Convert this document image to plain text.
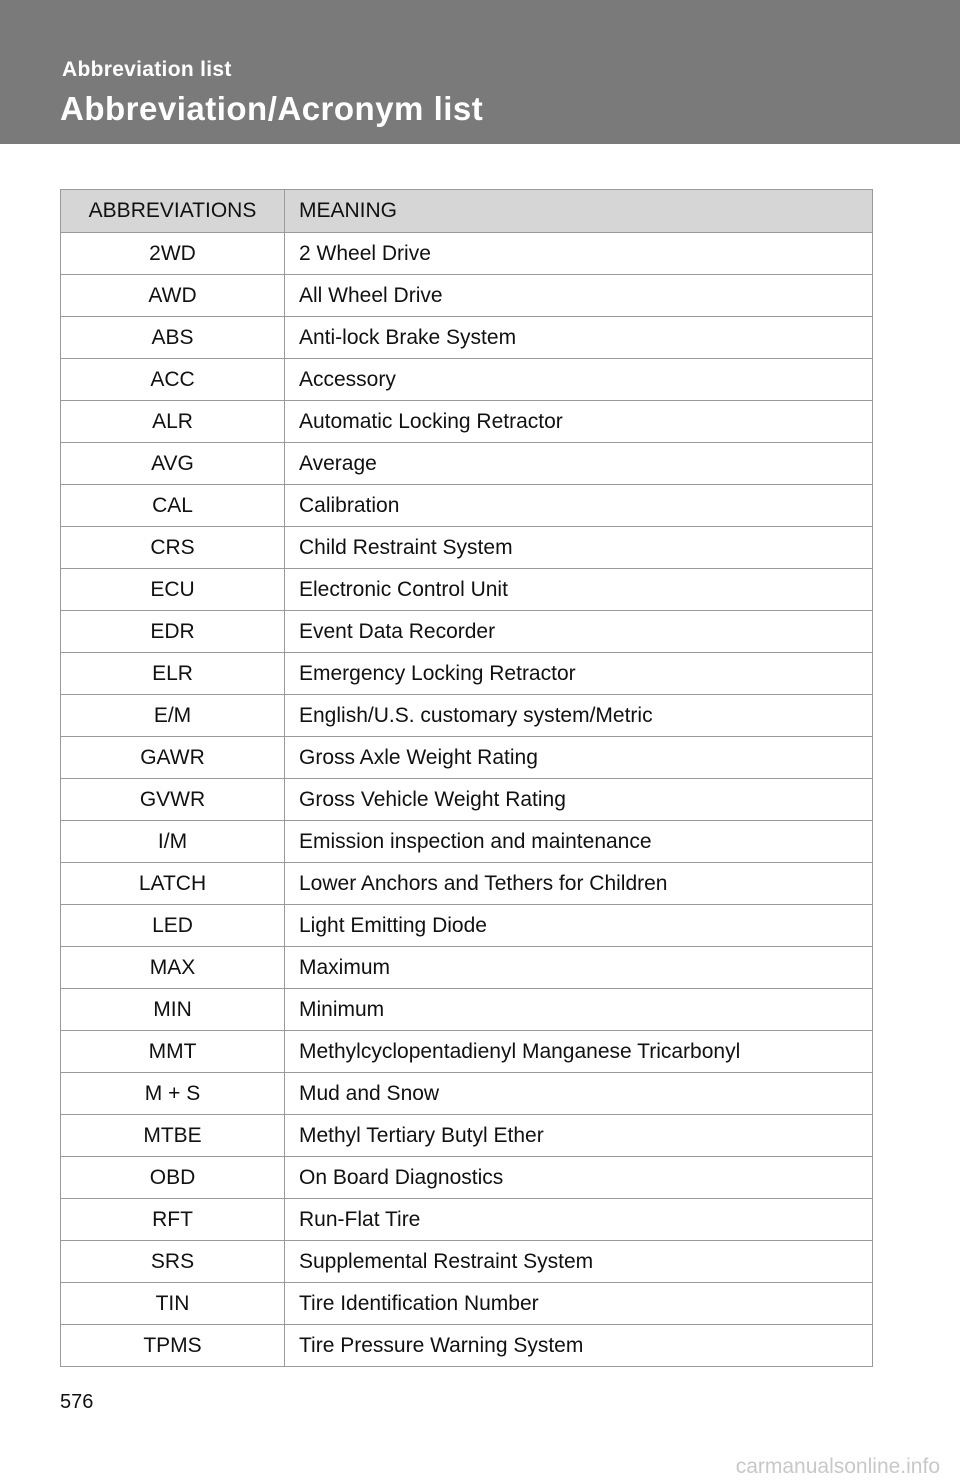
Abbreviation list
Abbreviation/Acronym list
ABBREVIATIONS	MEANING
2WD	2 Wheel Drive
AWD	All Wheel Drive
ABS	Anti-lock Brake System
ACC	Accessory
ALR	Automatic Locking Retractor
AVG	Average
CAL	Calibration
CRS	Child Restraint System
ECU	Electronic Control Unit
EDR	Event Data Recorder
ELR	Emergency Locking Retractor
E/M	English/U.S. customary system/Metric
GAWR	Gross Axle Weight Rating
GVWR	Gross Vehicle Weight Rating
I/M	Emission inspection and maintenance
LATCH	Lower Anchors and Tethers for Children
LED	Light Emitting Diode
MAX	Maximum
MIN	Minimum
MMT	Methylcyclopentadienyl Manganese Tricarbonyl
M + S	Mud and Snow
MTBE	Methyl Tertiary Butyl Ether
OBD	On Board Diagnostics
RFT	Run-Flat Tire
SRS	Supplemental Restraint System
TIN	Tire Identification Number
TPMS	Tire Pressure Warning System
576
carmanualsonline.info
